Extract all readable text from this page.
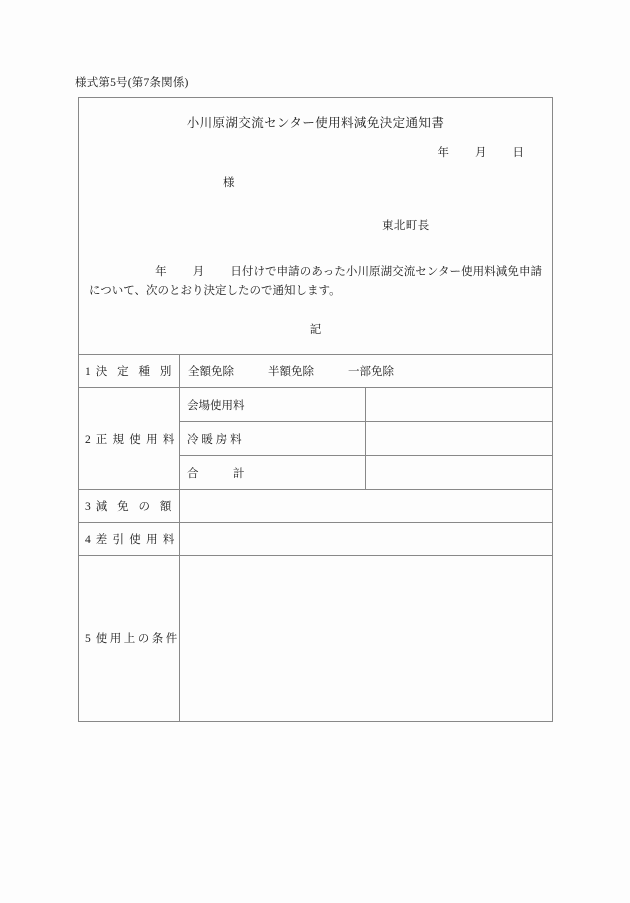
様式第5号(第7条関係)
小川原湖交流センター使用料減免決定通知書
年 月 日
様
東北町長
年 月 日付けで申請のあった小川原湖交流センター使用料減免申請について、次のとおり決定したので通知します。
記
1 決 定 種 別	全額免除 半額免除 一部免除	

2 正 規 使 用 料	会場使用料	

	冷 暖 房 料	

	合　　　計	

3 減 免 の 額		

4 差 引 使 用 料		

5 使用上の条件		
